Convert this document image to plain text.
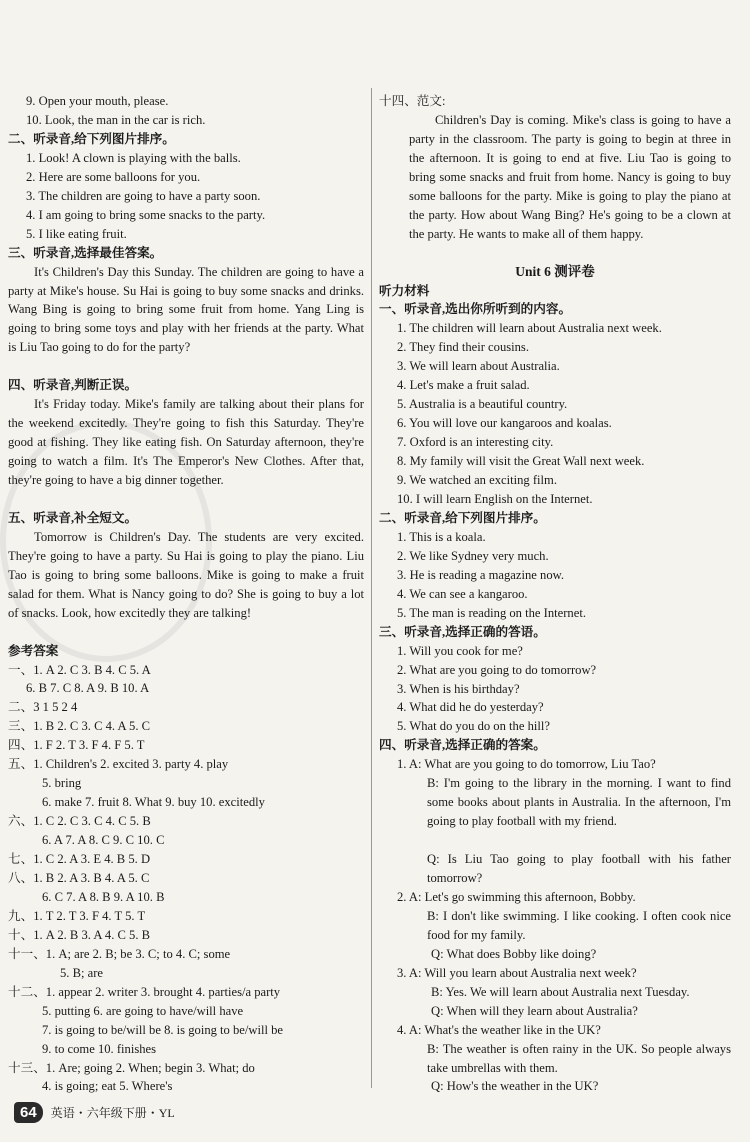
9. Open your mouth, please.
10. Look, the man in the car is rich.
二、听录音,给下列图片排序。
1. Look! A clown is playing with the balls.
2. Here are some balloons for you.
3. The children are going to have a party soon.
4. I am going to bring some snacks to the party.
5. I like eating fruit.
三、听录音,选择最佳答案。
It's Children's Day this Sunday. The children are going to have a party at Mike's house. Su Hai is going to buy some snacks and drinks. Wang Bing is going to bring some fruit from home. Yang Ling is going to bring some toys and play with her friends at the party. What is Liu Tao going to do for the party?
四、听录音,判断正误。
It's Friday today. Mike's family are talking about their plans for the weekend excitedly. They're going to fish this Saturday. They're good at fishing. They like eating fish. On Saturday afternoon, they're going to watch a film. It's The Emperor's New Clothes. After that, they're going to have a big dinner together.
五、听录音,补全短文。
Tomorrow is Children's Day. The students are very excited. They're going to have a party. Su Hai is going to play the piano. Liu Tao is going to bring some balloons. Mike is going to make a fruit salad for them. What is Nancy going to do? She is going to buy a lot of snacks. Look, how excitedly they are talking!
参考答案
一、1. A 2. C 3. B 4. C 5. A
6. B 7. C 8. A 9. B 10. A
二、3 1 5 2 4
三、1. B 2. C 3. C 4. A 5. C
四、1. F 2. T 3. F 4. F 5. T
五、1. Children's 2. excited 3. party 4. play
5. bring
6. make 7. fruit 8. What 9. buy 10. excitedly
六、1. C 2. C 3. C 4. C 5. B
6. A 7. A 8. C 9. C 10. C
七、1. C 2. A 3. E 4. B 5. D
八、1. B 2. A 3. B 4. A 5. C
6. C 7. A 8. B 9. A 10. B
九、1. T 2. T 3. F 4. T 5. T
十、1. A 2. B 3. A 4. C 5. B
十一、1. A; are 2. B; be 3. C; to 4. C; some
5. B; are
十二、1. appear 2. writer 3. brought 4. parties/a party
5. putting 6. are going to have/will have
7. is going to be/will be 8. is going to be/will be
9. to come 10. finishes
十三、1. Are; going 2. When; begin 3. What; do
4. is going; eat 5. Where's
十四、范文:
Children's Day is coming. Mike's class is going to have a party in the classroom. The party is going to begin at three in the afternoon. It is going to end at five. Liu Tao is going to bring some snacks and fruit from home. Nancy is going to buy some balloons for the party. Mike is going to play the piano at the party. How about Wang Bing? He's going to be a clown at the party. He wants to make all of them happy.
Unit 6 测评卷
听力材料
一、听录音,选出你所听到的内容。
1. The children will learn about Australia next week.
2. They find their cousins.
3. We will learn about Australia.
4. Let's make a fruit salad.
5. Australia is a beautiful country.
6. You will love our kangaroos and koalas.
7. Oxford is an interesting city.
8. My family will visit the Great Wall next week.
9. We watched an exciting film.
10. I will learn English on the Internet.
二、听录音,给下列图片排序。
1. This is a koala.
2. We like Sydney very much.
3. He is reading a magazine now.
4. We can see a kangaroo.
5. The man is reading on the Internet.
三、听录音,选择正确的答语。
1. Will you cook for me?
2. What are you going to do tomorrow?
3. When is his birthday?
4. What did he do yesterday?
5. What do you do on the hill?
四、听录音,选择正确的答案。
1. A: What are you going to do tomorrow, Liu Tao?
B: I'm going to the library in the morning. I want to find some books about plants in Australia. In the afternoon, I'm going to play football with my friend.
Q: Is Liu Tao going to play football with his father tomorrow?
2. A: Let's go swimming this afternoon, Bobby.
B: I don't like swimming. I like cooking. I often cook nice food for my family.
Q: What does Bobby like doing?
3. A: Will you learn about Australia next week?
B: Yes. We will learn about Australia next Tuesday.
Q: When will they learn about Australia?
4. A: What's the weather like in the UK?
B: The weather is often rainy in the UK. So people always take umbrellas with them.
Q: How's the weather in the UK?
64	英语・六年级下册・YL
